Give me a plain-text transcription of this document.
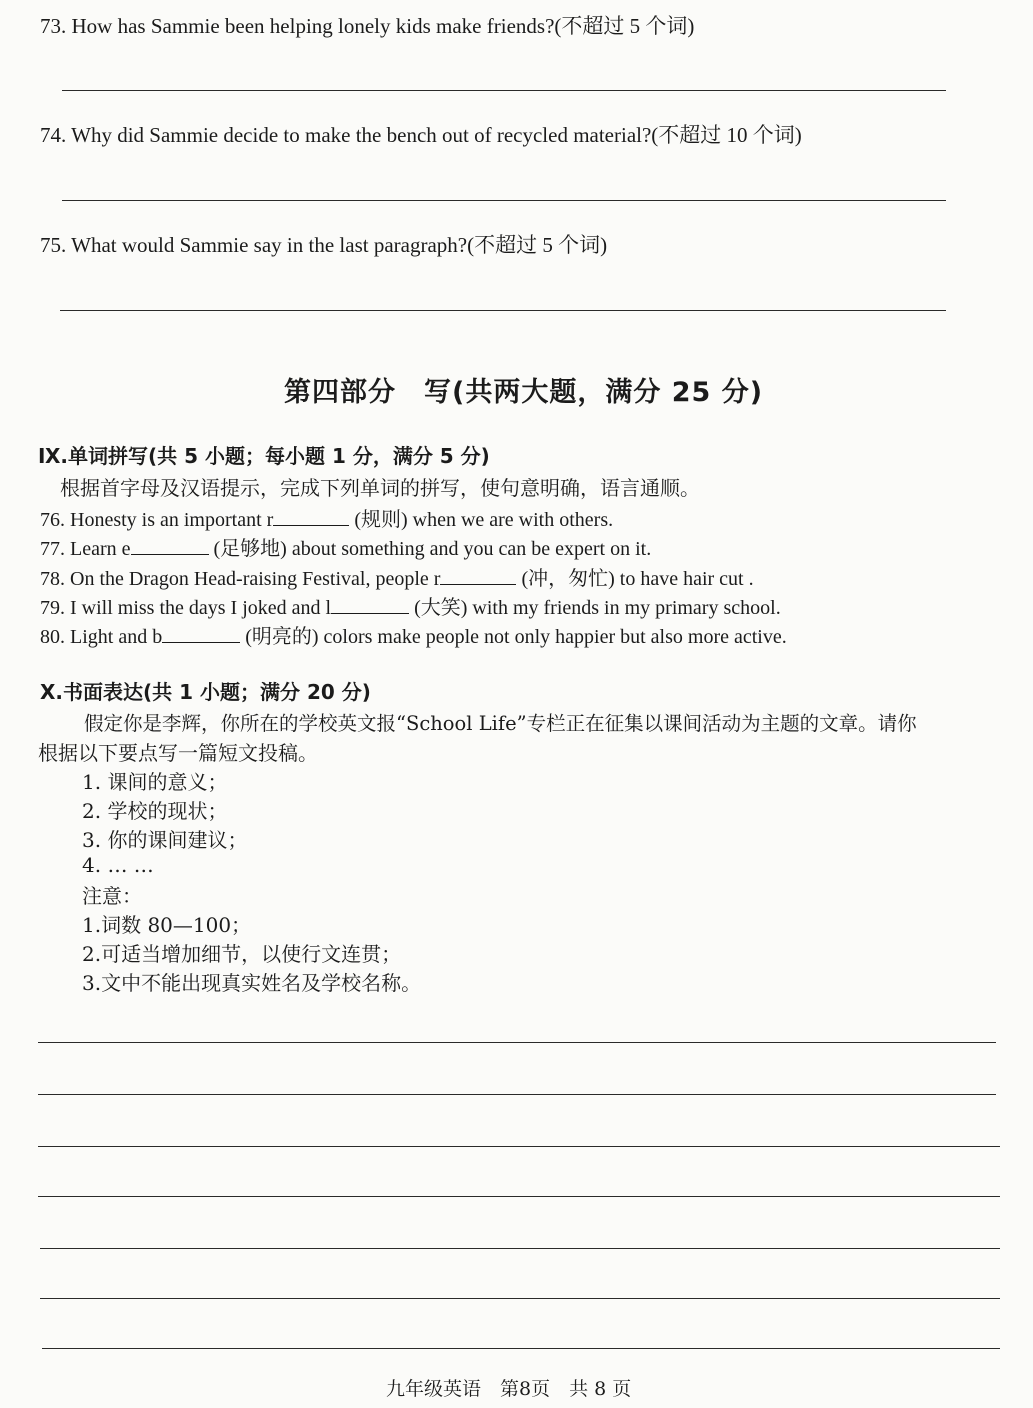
73. How has Sammie been helping lonely kids make friends?(不超过 5 个词)
74. Why did Sammie decide to make the bench out of recycled material?(不超过 10 个词)
75. What would Sammie say in the last paragraph?(不超过 5 个词)
第四部分　写(共两大题，满分 25 分)
Ⅸ.单词拼写(共 5 小题；每小题 1 分，满分 5 分)
根据首字母及汉语提示，完成下列单词的拼写，使句意明确，语言通顺。
76. Honesty is an important r	(规则) when we are with others.
77. Learn e	(足够地) about something and you can be expert on it.
78. On the Dragon Head-raising Festival, people r	(冲，匆忙) to have hair cut .
79. I will miss the days I joked and l	(大笑) with my friends in my primary school.
80. Light and b	(明亮的) colors make people not only happier but also more active.
Ⅹ.书面表达(共 1 小题；满分 20 分)
假定你是李辉，你所在的学校英文报“School Life”专栏正在征集以课间活动为主题的文章。请你
根据以下要点写一篇短文投稿。
1. 课间的意义；
2. 学校的现状；
3. 你的课间建议；
4. … …
注意：
1.词数 80—100；
2.可适当增加细节，以使行文连贯；
3.文中不能出现真实姓名及学校名称。
九年级英语　第8页　共 8 页
